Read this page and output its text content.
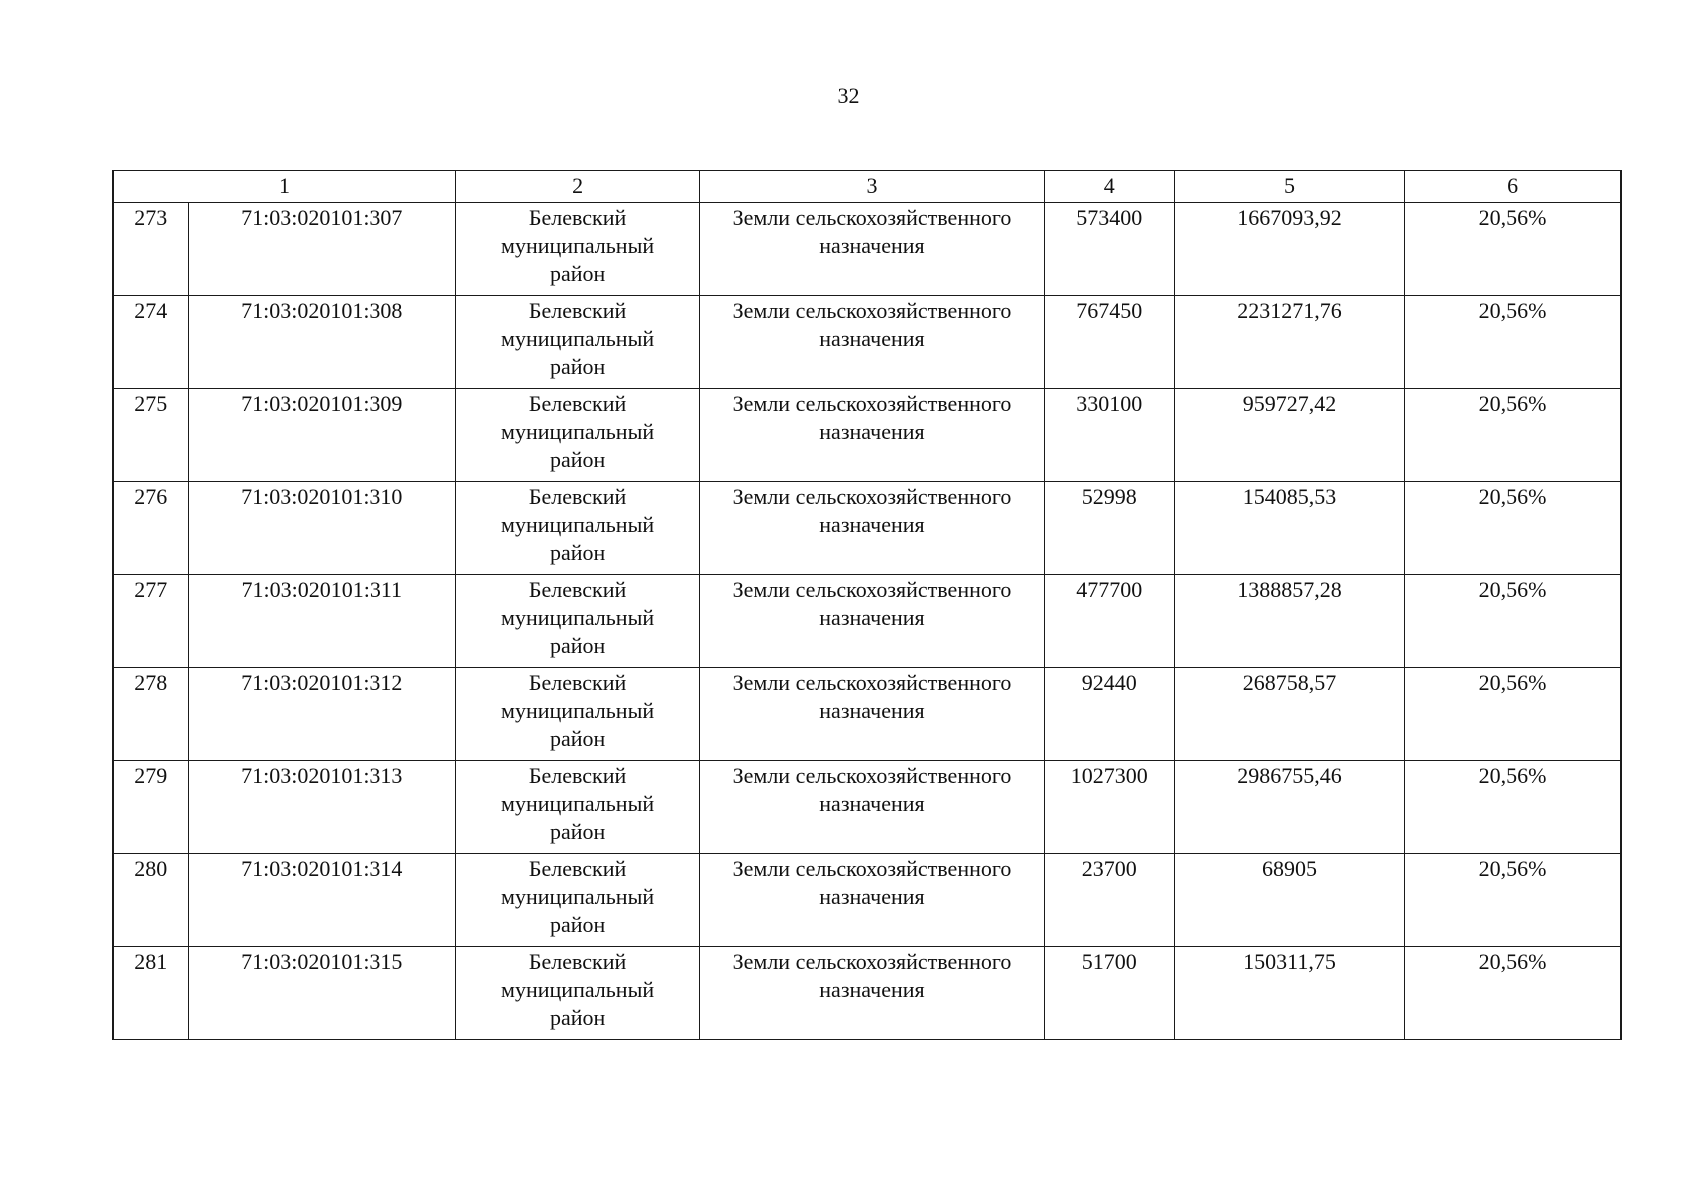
32
1		2	3	4	5	6
273	71:03:020101:307	Белевский
муниципальный
район	Земли сельскохозяйственного
назначения	573400	1667093,92	20,56%
274	71:03:020101:308	Белевский
муниципальный
район	Земли сельскохозяйственного
назначения	767450	2231271,76	20,56%
275	71:03:020101:309	Белевский
муниципальный
район	Земли сельскохозяйственного
назначения	330100	959727,42	20,56%
276	71:03:020101:310	Белевский
муниципальный
район	Земли сельскохозяйственного
назначения	52998	154085,53	20,56%
277	71:03:020101:311	Белевский
муниципальный
район	Земли сельскохозяйственного
назначения	477700	1388857,28	20,56%
278	71:03:020101:312	Белевский
муниципальный
район	Земли сельскохозяйственного
назначения	92440	268758,57	20,56%
279	71:03:020101:313	Белевский
муниципальный
район	Земли сельскохозяйственного
назначения	1027300	2986755,46	20,56%
280	71:03:020101:314	Белевский
муниципальный
район	Земли сельскохозяйственного
назначения	23700	68905	20,56%
281	71:03:020101:315	Белевский
муниципальный
район	Земли сельскохозяйственного
назначения	51700	150311,75	20,56%
